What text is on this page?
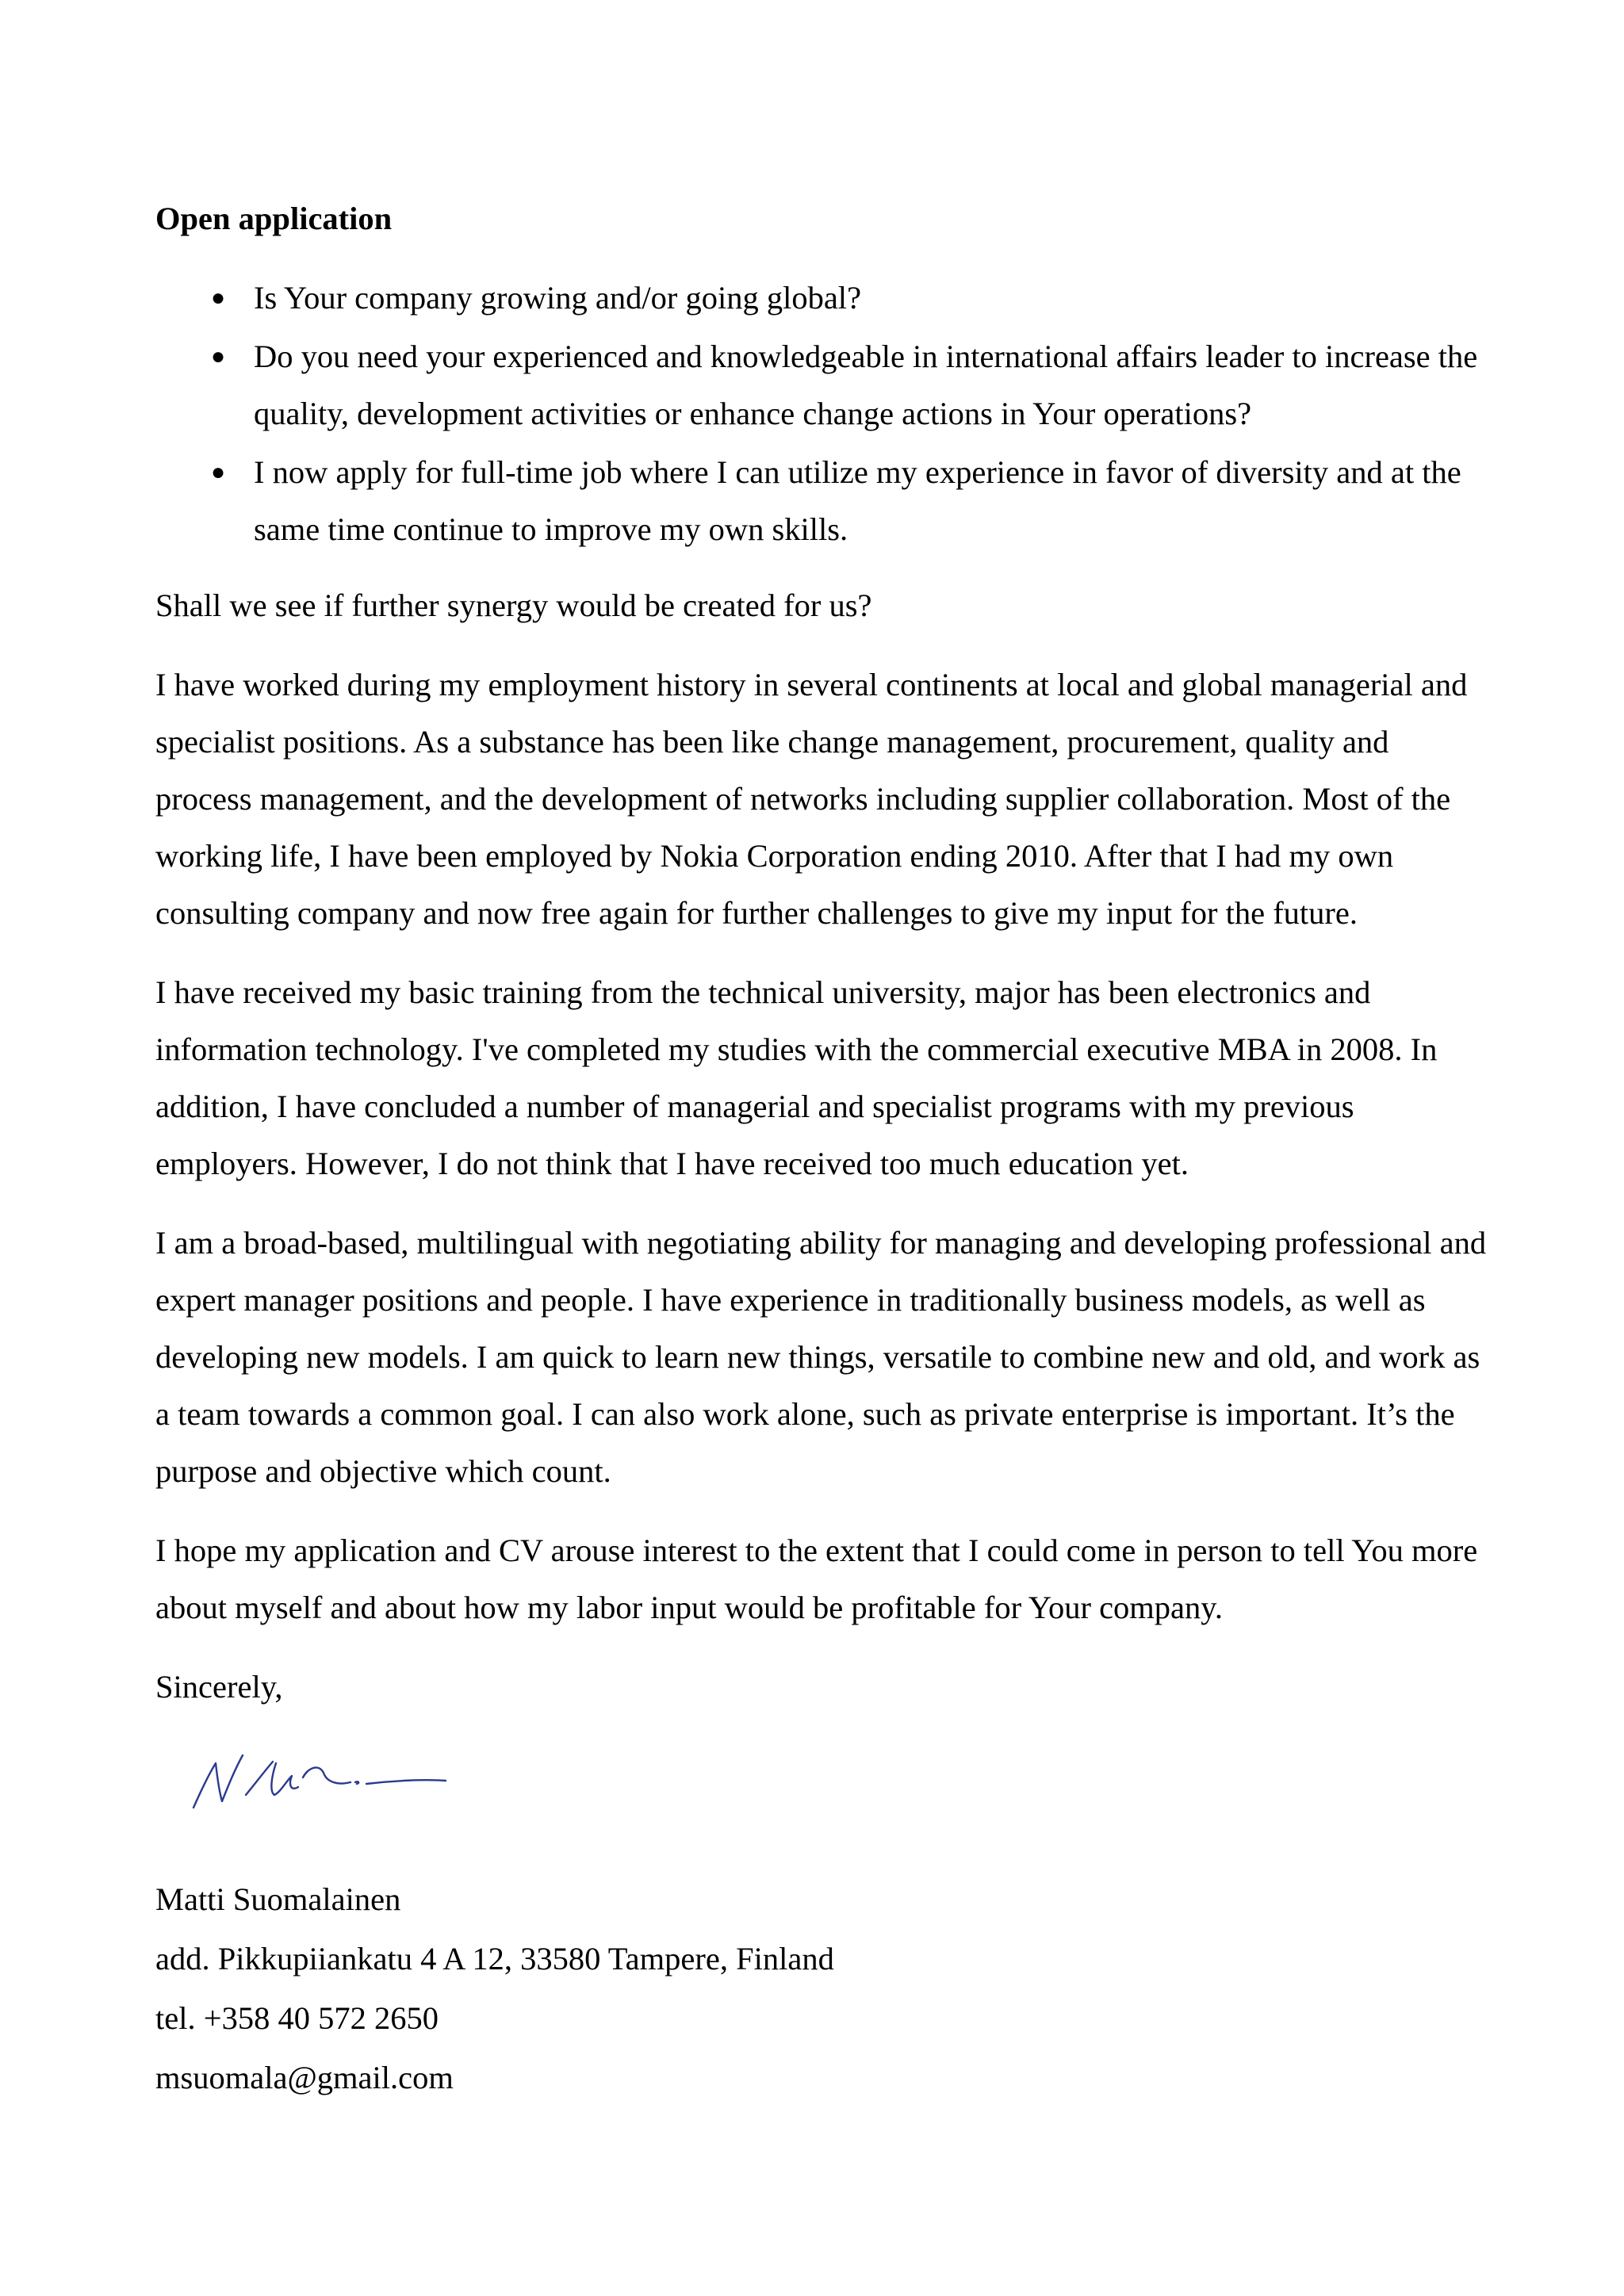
Open application
● Is Your company growing and/or going global?
● Do you need your experienced and knowledgeable in international affairs leader to increase the quality, development activities or enhance change actions in Your operations?
● I now apply for full-time job where I can utilize my experience in favor of diversity and at the same time continue to improve my own skills.

Shall we see if further synergy would be created for us?

I have worked during my employment history in several continents at local and global managerial and specialist positions. As a substance has been like change management, procurement, quality and process management, and the development of networks including supplier collaboration. Most of the working life, I have been employed by Nokia Corporation ending 2010. After that I had my own consulting company and now free again for further challenges to give my input for the future.

I have received my basic training from the technical university, major has been electronics and information technology. I've completed my studies with the commercial executive MBA in 2008. In addition, I have concluded a number of managerial and specialist programs with my previous employers. However, I do not think that I have received too much education yet.

I am a broad-based, multilingual with negotiating ability for managing and developing professional and expert manager positions and people. I have experience in traditionally business models, as well as developing new models. I am quick to learn new things, versatile to combine new and old, and work as a team towards a common goal. I can also work alone, such as private enterprise is important. It’s the purpose and objective which count.

I hope my application and CV arouse interest to the extent that I could come in person to tell You more about myself and about how my labor input would be profitable for Your company.

Sincerely,

Matti Suomalainen
add. Pikkupiiankatu 4 A 12, 33580 Tampere, Finland
tel. +358 40 572 2650
msuomala@gmail.com
